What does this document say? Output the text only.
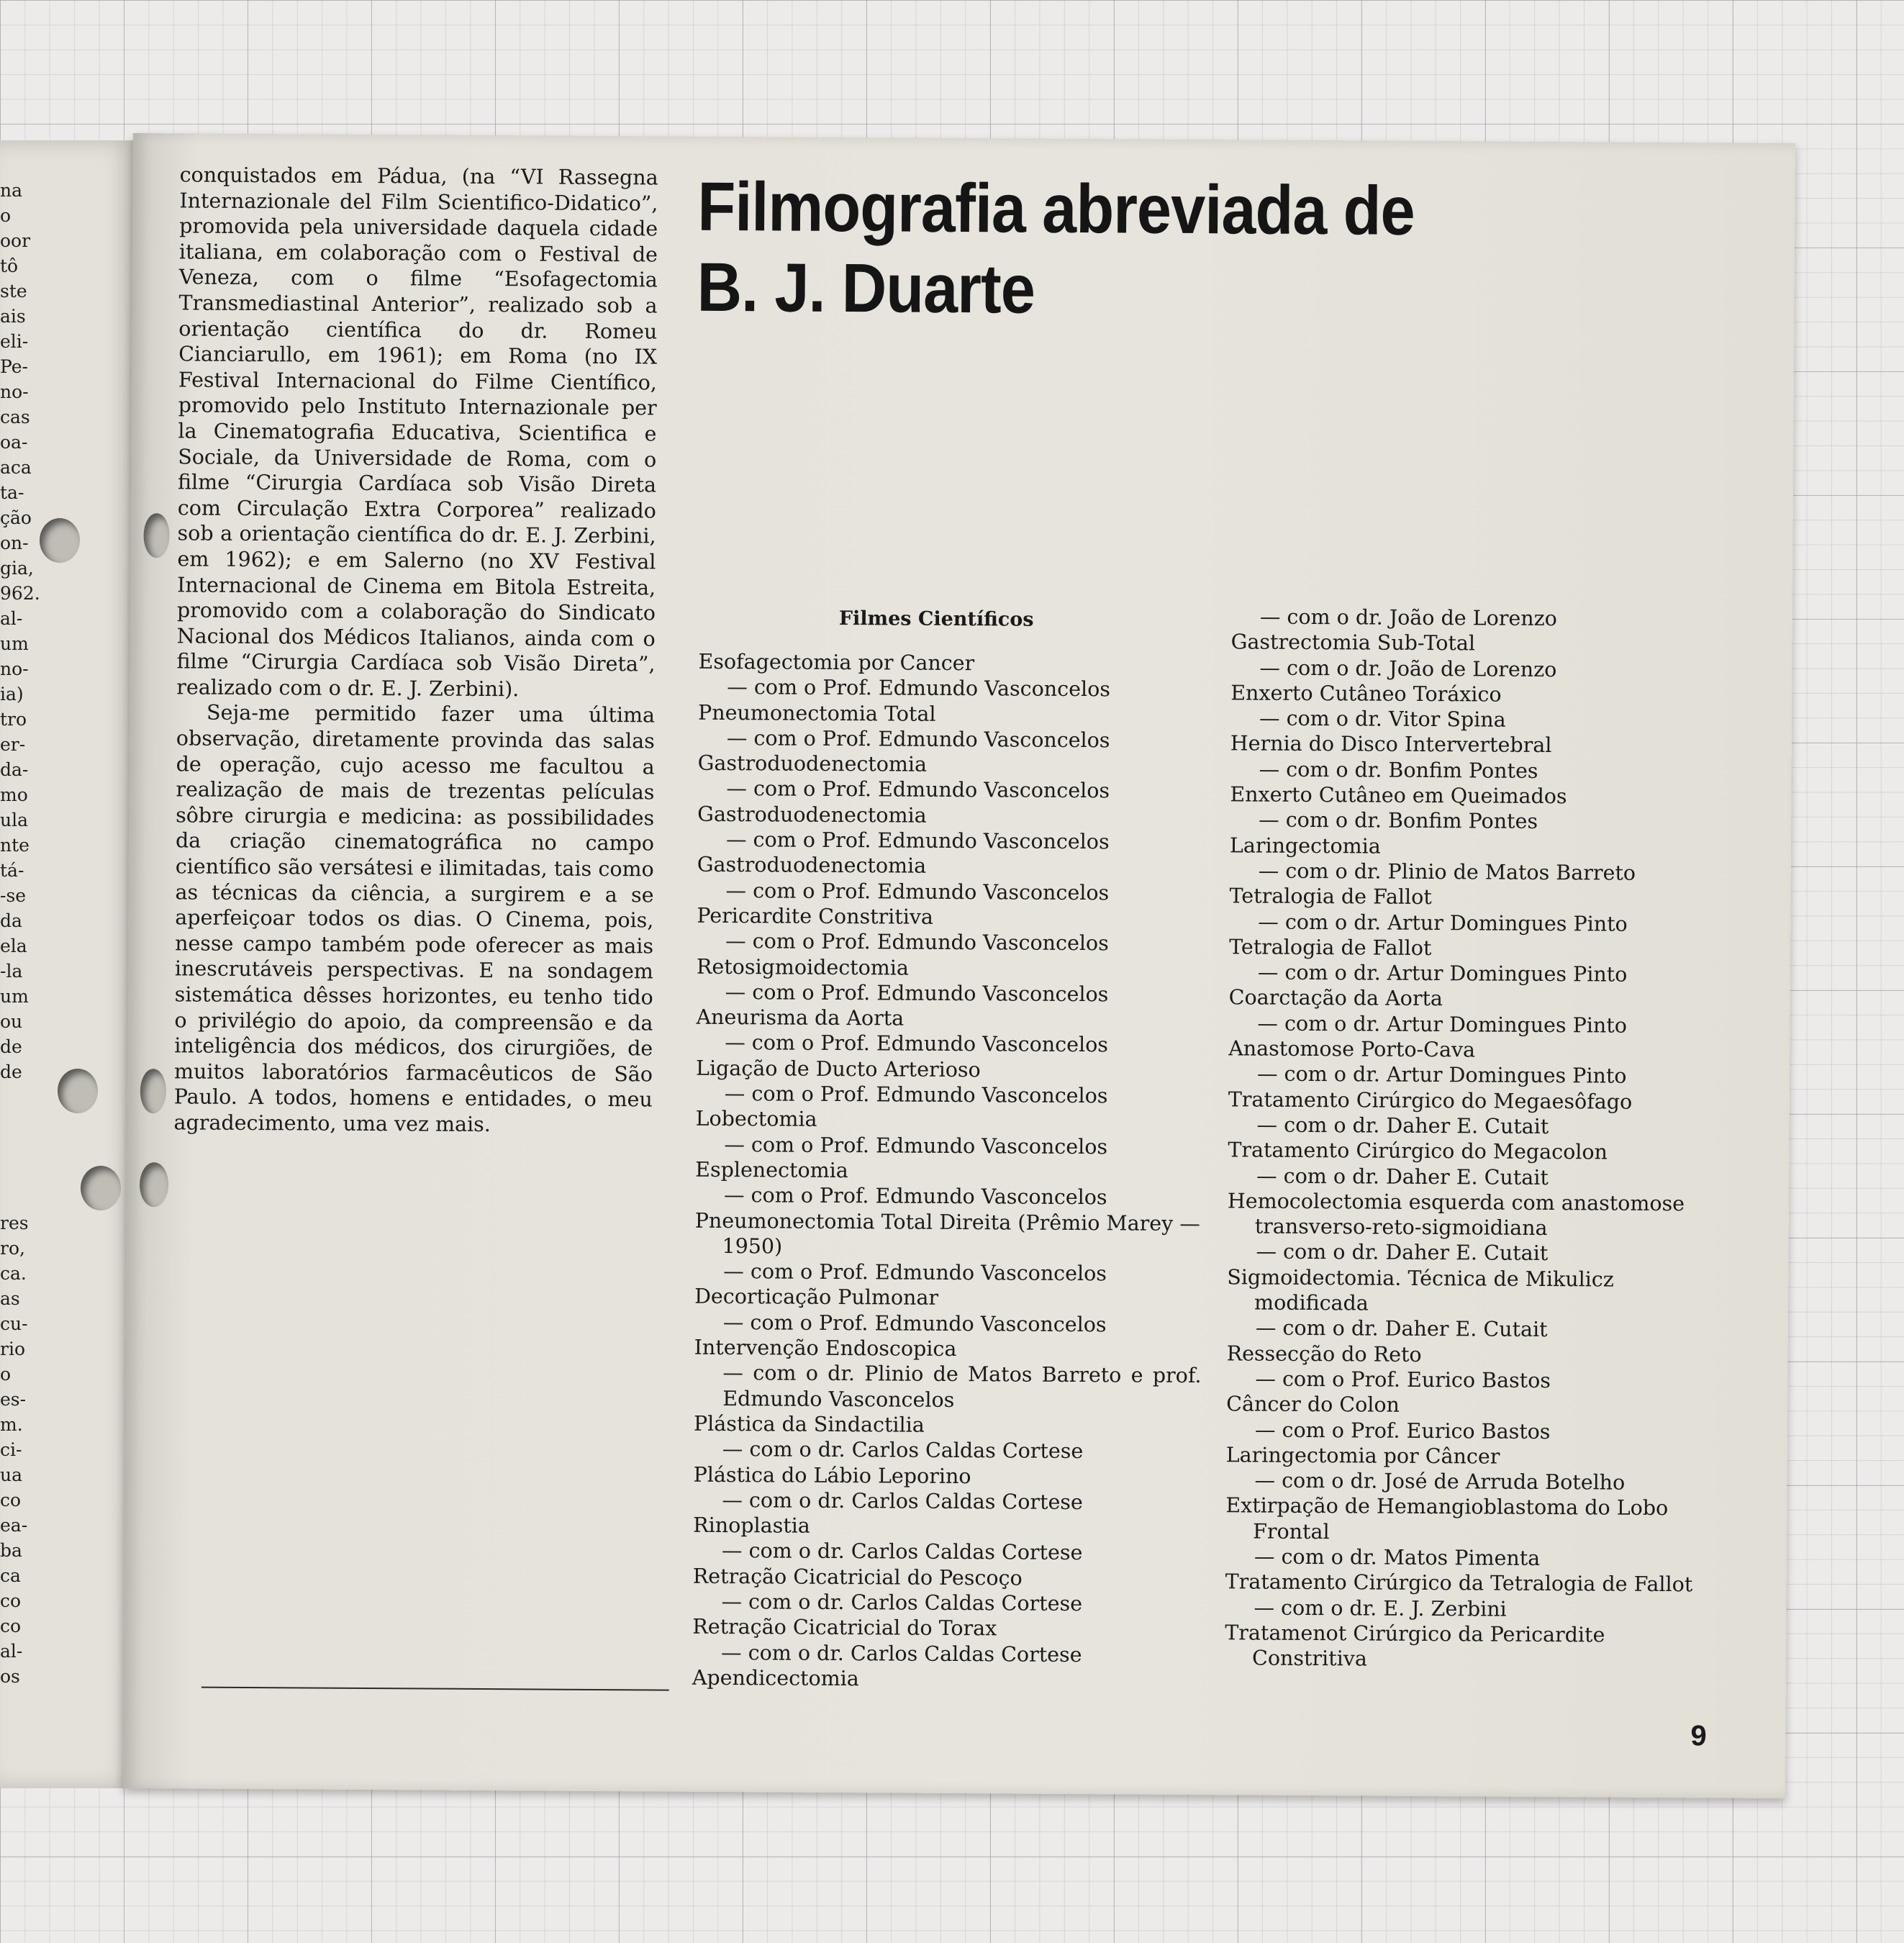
na
o
oor
tô
ste
ais
eli-
Pe-
no-
cas
oa-
aca
ta-
ção
on-
gia,
962.
al-
um
no-
ia)
tro
er-
da-
mo
ula
nte
tá-
-se
da
ela
-la
um
ou
de
de
res
ro,
ca.
as
cu-
rio
o
es-
m.
ci-
ua
co
ea-
ba
ca
co
co
al-
os

conquistados em Pádua, (na “VI Rassegna Internazionale del Film Scientifico-Didatico”, promovida pela universidade daquela cidade italiana, em colaboração com o Festival de Veneza, com o filme “Esofagectomia Transmediastinal Anterior”, realizado sob a orientação científica do dr. Romeu Cianciarullo, em 1961); em Roma (no IX Festival Internacional do Filme Científico, promovido pelo Instituto Internazionale per la Cinematografia Educativa, Scientifica e Sociale, da Universidade de Roma, com o filme “Cirurgia Cardíaca sob Visão Direta com Circulação Extra Corporea” realizado sob a orientação científica do dr. E. J. Zerbini, em 1962); e em Salerno (no XV Festival Internacional de Cinema em Bitola Estreita, promovido com a colaboração do Sindicato Nacional dos Médicos Italianos, ainda com o filme “Cirurgia Cardíaca sob Visão Direta”, realizado com o dr. E. J. Zerbini).

Seja-me permitido fazer uma última observação, diretamente provinda das salas de operação, cujo acesso me facultou a realização de mais de trezentas películas sôbre cirurgia e medicina: as possibilidades da criação cinematográfica no campo científico são versátesi e ilimitadas, tais como as técnicas da ciência, a surgirem e a se aperfeiçoar todos os dias. O Cinema, pois, nesse campo também pode oferecer as mais inescrutáveis perspectivas. E na sondagem sistemática dêsses horizontes, eu tenho tido o privilégio do apoio, da compreensão e da inteligência dos médicos, dos cirurgiões, de muitos laboratórios farmacêuticos de São Paulo. A todos, homens e entidades, o meu agradecimento, uma vez mais.

Filmografia abreviada de
B. J. Duarte
Filmes Científicos
Esofagectomia por Cancer
— com o Prof. Edmundo Vasconcelos
Pneumonectomia Total
— com o Prof. Edmundo Vasconcelos
Gastroduodenectomia
— com o Prof. Edmundo Vasconcelos
Gastroduodenectomia
— com o Prof. Edmundo Vasconcelos
Gastroduodenectomia
— com o Prof. Edmundo Vasconcelos
Pericardite Constritiva
— com o Prof. Edmundo Vasconcelos
Retosigmoidectomia
— com o Prof. Edmundo Vasconcelos
Aneurisma da Aorta
— com o Prof. Edmundo Vasconcelos
Ligação de Ducto Arterioso
— com o Prof. Edmundo Vasconcelos
Lobectomia
— com o Prof. Edmundo Vasconcelos
Esplenectomia
— com o Prof. Edmundo Vasconcelos
Pneumonectomia Total Direita (Prêmio Marey — 1950)
— com o Prof. Edmundo Vasconcelos
Decorticação Pulmonar
— com o Prof. Edmundo Vasconcelos
Intervenção Endoscopica
— com o dr. Plinio de Matos Barreto e prof. Edmundo Vasconcelos
Plástica da Sindactilia
— com o dr. Carlos Caldas Cortese
Plástica do Lábio Leporino
— com o dr. Carlos Caldas Cortese
Rinoplastia
— com o dr. Carlos Caldas Cortese
Retração Cicatricial do Pescoço
— com o dr. Carlos Caldas Cortese
Retração Cicatricial do Torax
— com o dr. Carlos Caldas Cortese
Apendicectomia
— com o dr. João de Lorenzo
Gastrectomia Sub-Total
— com o dr. João de Lorenzo
Enxerto Cutâneo Toráxico
— com o dr. Vitor Spina
Hernia do Disco Intervertebral
— com o dr. Bonfim Pontes
Enxerto Cutâneo em Queimados
— com o dr. Bonfim Pontes
Laringectomia
— com o dr. Plinio de Matos Barreto
Tetralogia de Fallot
— com o dr. Artur Domingues Pinto
Tetralogia de Fallot
— com o dr. Artur Domingues Pinto
Coarctação da Aorta
— com o dr. Artur Domingues Pinto
Anastomose Porto-Cava
— com o dr. Artur Domingues Pinto
Tratamento Cirúrgico do Megaesôfago
— com o dr. Daher E. Cutait
Tratamento Cirúrgico do Megacolon
— com o dr. Daher E. Cutait
Hemocolectomia esquerda com anastomose transverso-reto-sigmoidiana
— com o dr. Daher E. Cutait
Sigmoidectomia. Técnica de Mikulicz modificada
— com o dr. Daher E. Cutait
Ressecção do Reto
— com o Prof. Eurico Bastos
Câncer do Colon
— com o Prof. Eurico Bastos
Laringectomia por Câncer
— com o dr. José de Arruda Botelho
Extirpação de Hemangioblastoma do Lobo Frontal
— com o dr. Matos Pimenta
Tratamento Cirúrgico da Tetralogia de Fallot
— com o dr. E. J. Zerbini
Tratamenot Cirúrgico da Pericardite Constritiva
9
